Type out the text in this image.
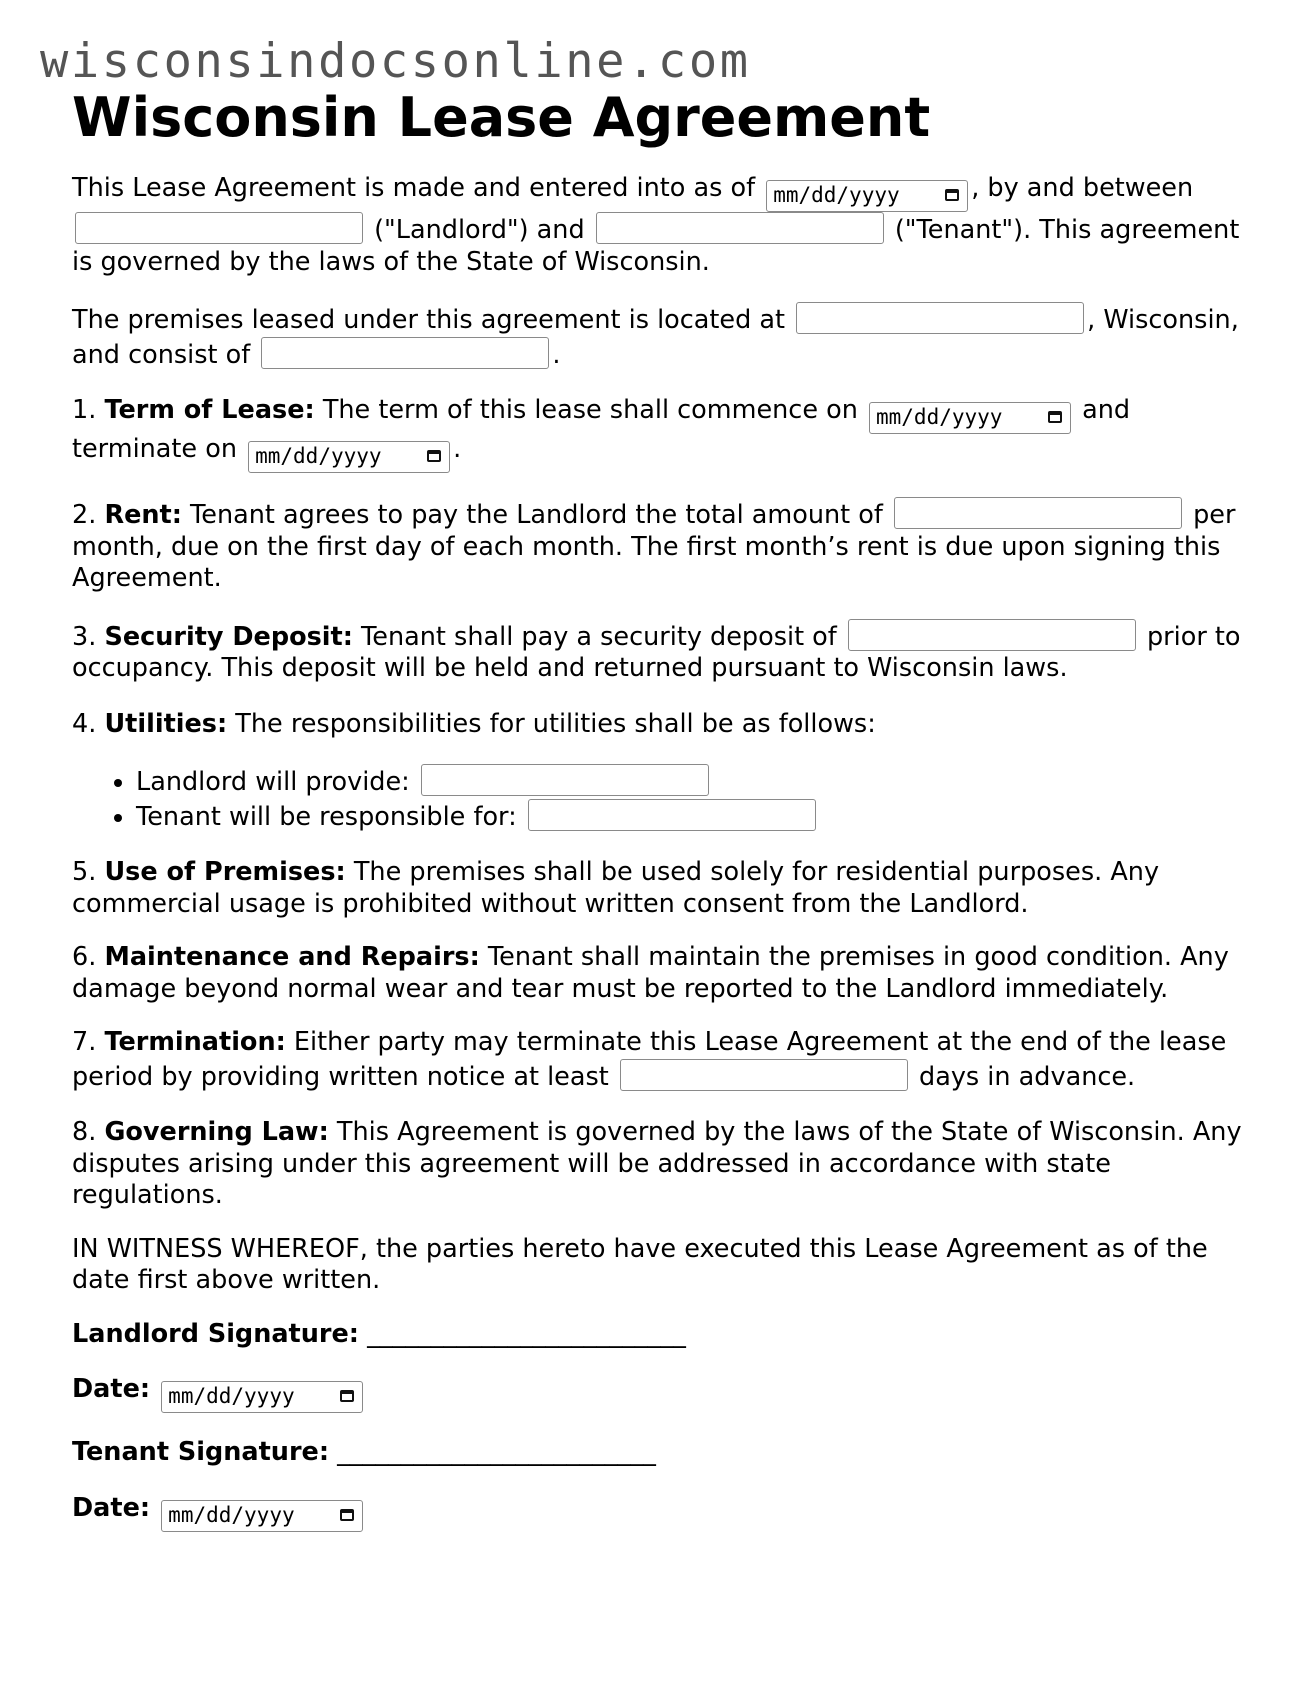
wisconsindocsonline.com
Wisconsin Lease Agreement

This Lease Agreement is made and entered into as of mm/dd/yyyy	, by and between  ("Landlord") and	("Tenant"). This agreement is governed by the laws of the State of Wisconsin.

The premises leased under this agreement is located at	, Wisconsin, and consist of	.

1. Term of Lease: The term of this lease shall commence on mm/dd/yyyy	and terminate on mm/dd/yyyy	.

2. Rent: Tenant agrees to pay the Landlord the total amount of	per month, due on the first day of each month. The first month’s rent is due upon signing this Agreement.

3. Security Deposit: Tenant shall pay a security deposit of	prior to occupancy. This deposit will be held and returned pursuant to Wisconsin laws.

4. Utilities: The responsibilities for utilities shall be as follows:

• Landlord will provide:
• Tenant will be responsible for:

5. Use of Premises: The premises shall be used solely for residential purposes. Any commercial usage is prohibited without written consent from the Landlord.

6. Maintenance and Repairs: Tenant shall maintain the premises in good condition. Any damage beyond normal wear and tear must be reported to the Landlord immediately.

7. Termination: Either party may terminate this Lease Agreement at the end of the lease period by providing written notice at least	days in advance.

8. Governing Law: This Agreement is governed by the laws of the State of Wisconsin. Any disputes arising under this agreement will be addressed in accordance with state regulations.

IN WITNESS WHEREOF, the parties hereto have executed this Lease Agreement as of the date first above written.

Landlord Signature: _________________________

Date: mm/dd/yyyy

Tenant Signature: _________________________

Date: mm/dd/yyyy
